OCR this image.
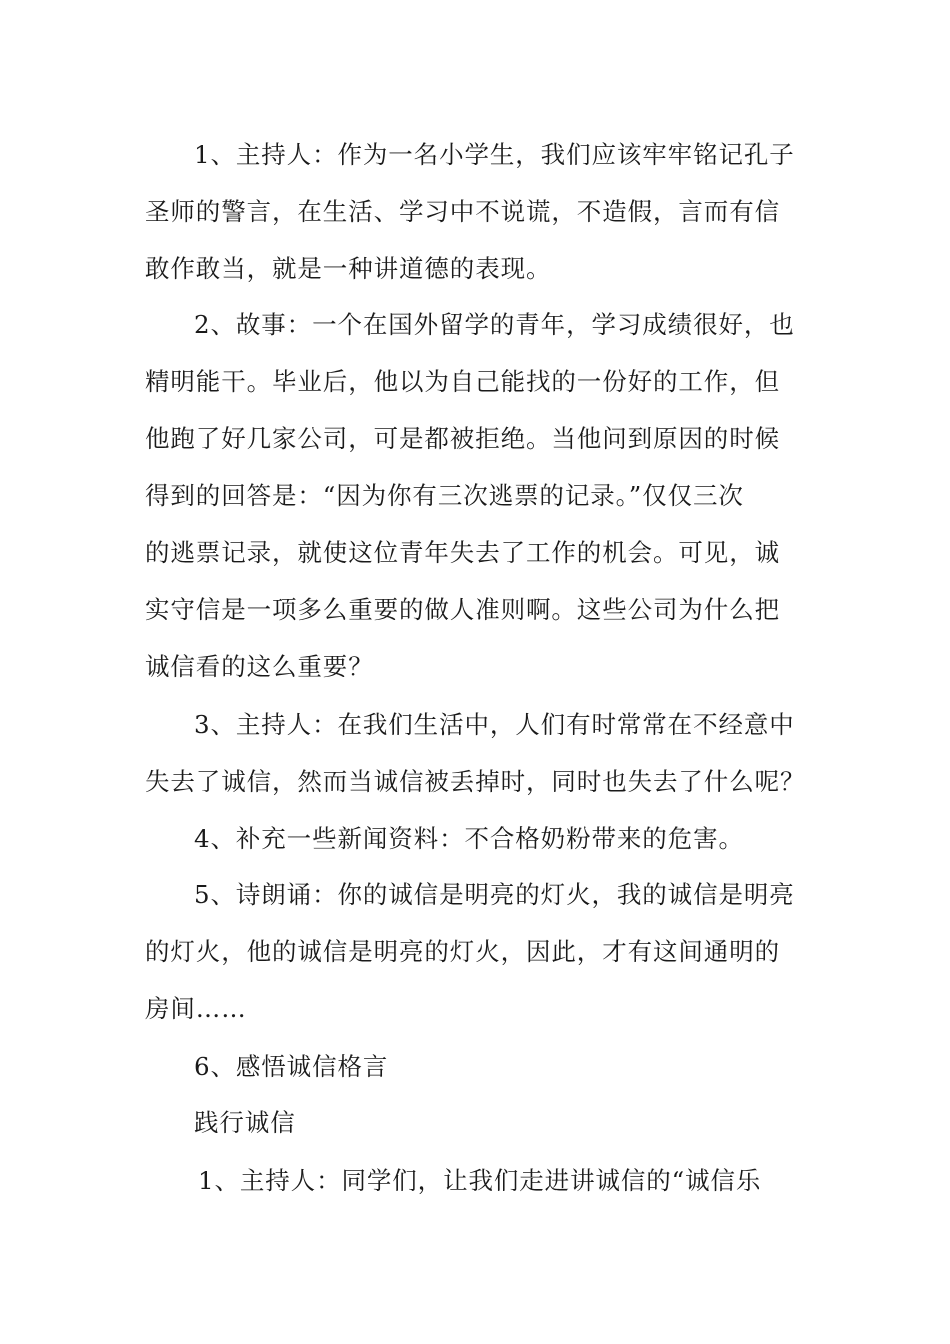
1、主持人：作为一名小学生，我们应该牢牢铭记孔子
圣师的警言，在生活、学习中不说谎，不造假，言而有信
敢作敢当，就是一种讲道德的表现。
2、故事：一个在国外留学的青年，学习成绩很好，也
精明能干。毕业后，他以为自己能找的一份好的工作，但
他跑了好几家公司，可是都被拒绝。当他问到原因的时候
得到的回答是：“因为你有三次逃票的记录。”仅仅三次
的逃票记录，就使这位青年失去了工作的机会。可见，诚
实守信是一项多么重要的做人准则啊。这些公司为什么把
诚信看的这么重要？
3、主持人：在我们生活中，人们有时常常在不经意中
失去了诚信，然而当诚信被丢掉时，同时也失去了什么呢？
4、补充一些新闻资料：不合格奶粉带来的危害。
5、诗朗诵：你的诚信是明亮的灯火，我的诚信是明亮
的灯火，他的诚信是明亮的灯火，因此，才有这间通明的
房间……
6、感悟诚信格言
践行诚信
1、主持人：同学们，让我们走进讲诚信的“诚信乐
